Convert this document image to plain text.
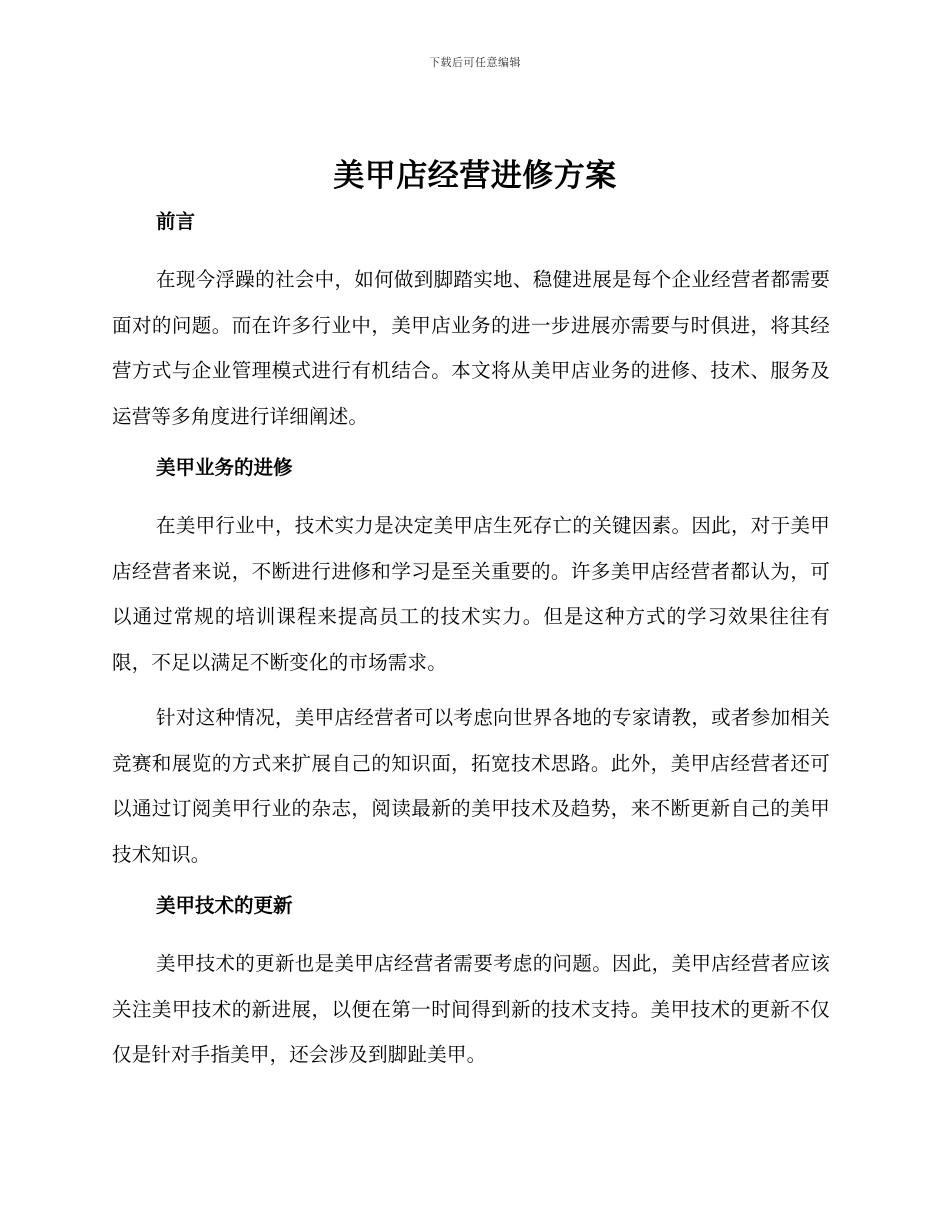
下载后可任意编辑
美甲店经营进修方案
前言

在现今浮躁的社会中，如何做到脚踏实地、稳健进展是每个企业经营者都需要面对的问题。而在许多行业中，美甲店业务的进一步进展亦需要与时俱进，将其经营方式与企业管理模式进行有机结合。本文将从美甲店业务的进修、技术、服务及运营等多角度进行详细阐述。

美甲业务的进修

在美甲行业中，技术实力是决定美甲店生死存亡的关键因素。因此，对于美甲店经营者来说，不断进行进修和学习是至关重要的。许多美甲店经营者都认为，可以通过常规的培训课程来提高员工的技术实力。但是这种方式的学习效果往往有限，不足以满足不断变化的市场需求。

针对这种情况，美甲店经营者可以考虑向世界各地的专家请教，或者参加相关竞赛和展览的方式来扩展自己的知识面，拓宽技术思路。此外，美甲店经营者还可以通过订阅美甲行业的杂志，阅读最新的美甲技术及趋势，来不断更新自己的美甲技术知识。

美甲技术的更新

美甲技术的更新也是美甲店经营者需要考虑的问题。因此，美甲店经营者应该关注美甲技术的新进展，以便在第一时间得到新的技术支持。美甲技术的更新不仅仅是针对手指美甲，还会涉及到脚趾美甲。
